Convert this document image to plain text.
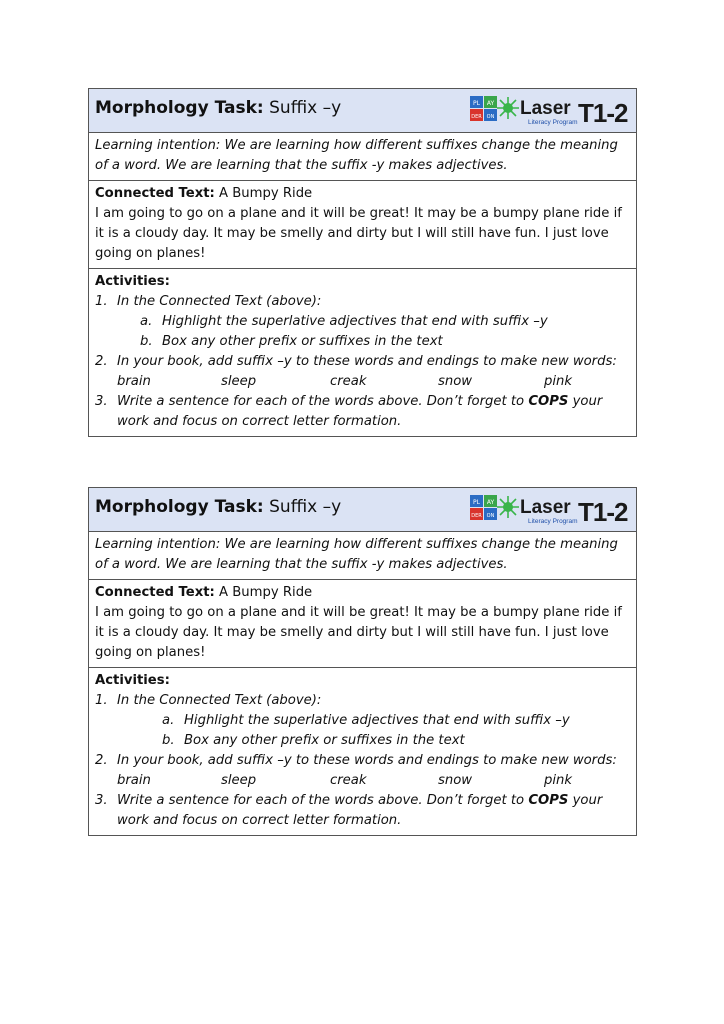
Morphology Task: Suffix –y	PL AY
DER ON Laser
Literacy Program T1-2
Learning intention: We are learning how different suffixes change the meaning of a word. We are learning that the suffix -y makes adjectives.
Connected Text: A Bumpy Ride
I am going to go on a plane and it will be great! It may be a bumpy plane ride if it is a cloudy day. It may be smelly and dirty but I will still have fun. I just love going on planes!
Activities:
1. In the Connected Text (above):
a. Highlight the superlative adjectives that end with suffix –y
b. Box any other prefix or suffixes in the text
2. In your book, add suffix –y to these words and endings to make new words:
brain	sleep	creak	snow	pink
3. Write a sentence for each of the words above. Don’t forget to COPS your work and focus on correct letter formation.
Morphology Task: Suffix –y	PL AY
DER ON Laser
Literacy Program T1-2
Learning intention: We are learning how different suffixes change the meaning of a word. We are learning that the suffix -y makes adjectives.
Connected Text: A Bumpy Ride
I am going to go on a plane and it will be great! It may be a bumpy plane ride if it is a cloudy day. It may be smelly and dirty but I will still have fun. I just love going on planes!
Activities:
1. In the Connected Text (above):
a. Highlight the superlative adjectives that end with suffix –y
b. Box any other prefix or suffixes in the text
2. In your book, add suffix –y to these words and endings to make new words:
brain	sleep	creak	snow	pink
3. Write a sentence for each of the words above. Don’t forget to COPS your work and focus on correct letter formation.
